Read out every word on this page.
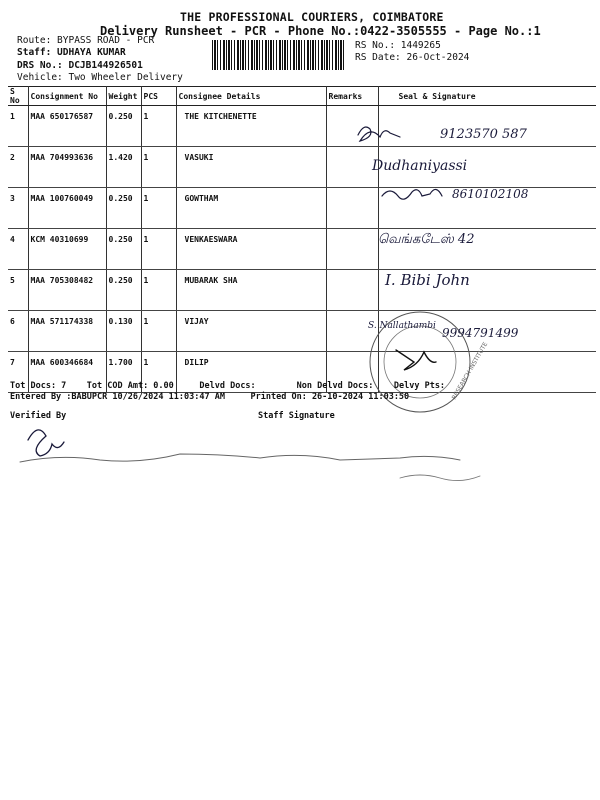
THE PROFESSIONAL COURIERS, COIMBATORE
Delivery Runsheet - PCR - Phone No.:0422-3505555 - Page No.:1
Route: BYPASS ROAD - PCR
Staff: UDHAYA KUMAR
DRS No.: DCJB144926501
Vehicle: Two Wheeler Delivery
RS No.: 1449265
RS Date: 26-Oct-2024
S No	Consignment No	Weight	PCS	Consignee Details	Remarks	Seal & Signature
1	MAA 650176587	0.250	1	THE KITCHENETTE		
2	MAA 704993636	1.420	1	VASUKI		
3	MAA 100760049	0.250	1	GOWTHAM		
4	KCM 40310699	0.250	1	VENKAESWARA		
5	MAA 705308482	0.250	1	MUBARAK SHA		
6	MAA 571174338	0.130	1	VIJAY		
7	MAA 600346684	1.700	1	DILIP		
9123570 587
Dudhaniyassi
8610102108
வெங்கடேஸ் 42
I. Bibi John
S. Nallathambi 9994791499
RESEARCH INSTITUTE
Tot Docs: 7 Tot COD Amt: 0.00	Delvd Docs:	Non Delvd Docs: Delvy Pts:
Entered By :BABUPCR 10/26/2024 11:03:47 AM	Printed On: 26-10-2024 11:03:50
Verified By	Staff Signature
